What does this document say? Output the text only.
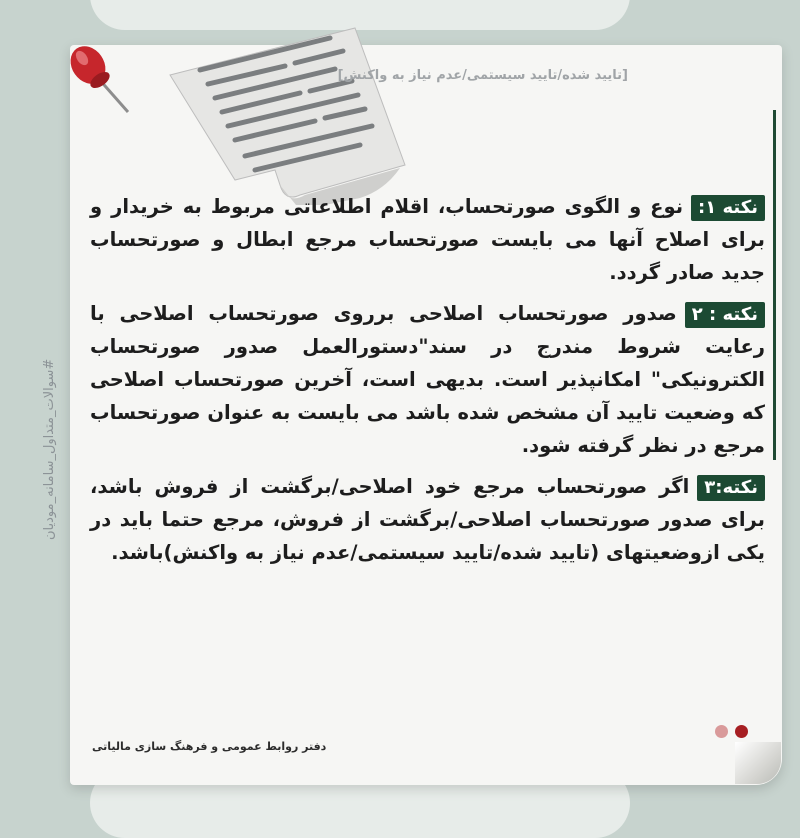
[تایید شده/تایید سیستمی/عدم نیاز به واکنش]
#سوالات_متداول_سامانه_مودیان

نکته ۱:نوع و الگوی صورتحساب، اقلام اطلاعاتی مربوط به خریدار و برای اصلاح آنها می بایست صورتحساب مرجع ابطال و صورتحساب جدید صادر گردد.

نکته : ۲صدور صورتحساب اصلاحی برروی صورتحساب اصلاحی با رعایت شروط مندرج در سند"دستورالعمل صدور صورتحساب الکترونیکی" امکانپذیر است. بدیهی است، آخرین صورتحساب اصلاحی که وضعیت تایید آن مشخص شده باشد می بایست به عنوان صورتحساب مرجع در نظر گرفته شود.

نکته:۳اگر صورتحساب مرجع خود اصلاحی/برگشت از فروش باشد، برای صدور صورتحساب اصلاحی/برگشت از فروش، مرجع حتما باید در یکی ازوضعیتهای (تایید شده/تایید سیستمی/عدم نیاز به واکنش)باشد.

دفتر روابط عمومی و فرهنگ سازی مالیاتی
